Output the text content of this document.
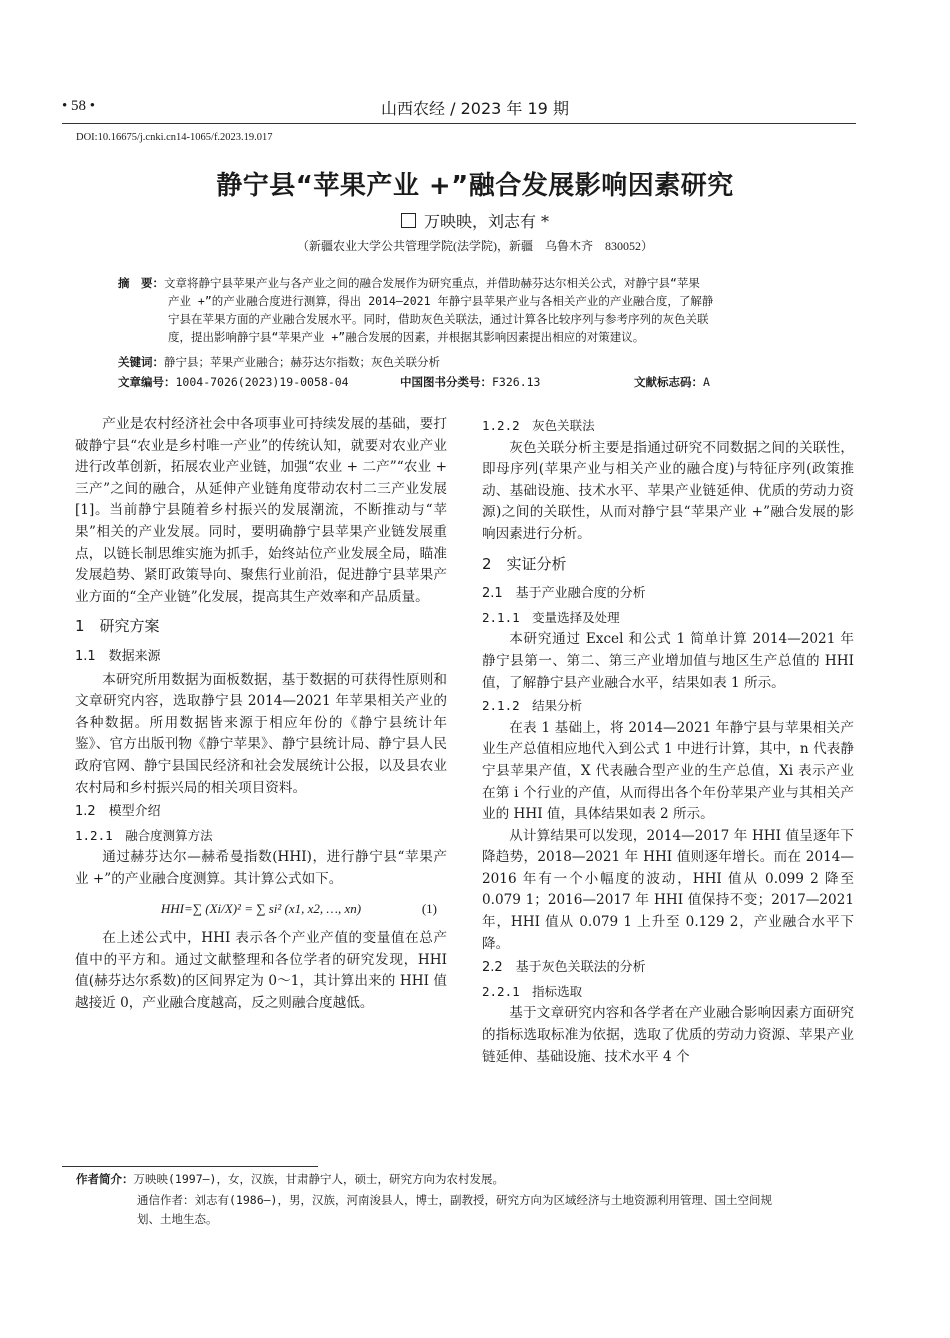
• 58 •	山西农经 / 2023 年 19 期
DOI:10.16675/j.cnki.cn14-1065/f.2023.19.017
静宁县“苹果产业 +”融合发展影响因素研究
万映映，刘志有 *
（新疆农业大学公共管理学院(法学院)，新疆　乌鲁木齐　830052）
摘　要：文章将静宁县苹果产业与各产业之间的融合发展作为研究重点，并借助赫芬达尔相关公式，对静宁县“苹果
产业 +”的产业融合度进行测算，得出 2014—2021 年静宁县苹果产业与各相关产业的产业融合度，了解静
宁县在苹果方面的产业融合发展水平。同时，借助灰色关联法，通过计算各比较序列与参考序列的灰色关联
度，提出影响静宁县“苹果产业 +”融合发展的因素，并根据其影响因素提出相应的对策建议。
关键词：静宁县；苹果产业融合；赫芬达尔指数；灰色关联分析
文章编号：1004-7026(2023)19-0058-04	中国图书分类号：F326.13	文献标志码：A

产业是农村经济社会中各项事业可持续发展的基础，要打破静宁县“农业是乡村唯一产业”的传统认知，就要对农业产业进行改革创新，拓展农业产业链，加强“农业 + 二产”“农业 + 三产”之间的融合，从延伸产业链角度带动农村二三产业发展[1]。当前静宁县随着乡村振兴的发展潮流，不断推动与“苹果”相关的产业发展。同时，要明确静宁县苹果产业链发展重点，以链长制思维实施为抓手，始终站位产业发展全局，瞄准发展趋势、紧盯政策导向、聚焦行业前沿，促进静宁县苹果产业方面的“全产业链”化发展，提高其生产效率和产品质量。

1　研究方案
1.1　数据来源

本研究所用数据为面板数据，基于数据的可获得性原则和文章研究内容，选取静宁县 2014—2021 年苹果相关产业的各种数据。所用数据皆来源于相应年份的《静宁县统计年鉴》、官方出版刊物《静宁苹果》、静宁县统计局、静宁县人民政府官网、静宁县国民经济和社会发展统计公报，以及县农业农村局和乡村振兴局的相关项目资料。

1.2　模型介绍
1.2.1　融合度测算方法

通过赫芬达尔—赫希曼指数(HHI)，进行静宁县“苹果产业 +”的产业融合度测算。其计算公式如下。

HHI=∑ (Xi/X)² = ∑ si² (x1, x2, …, xn)	(1)

在上述公式中，HHI 表示各个产业产值的变量值在总产值中的平方和。通过文献整理和各位学者的研究发现，HHI 值(赫芬达尔系数)的区间界定为 0～1，其计算出来的 HHI 值越接近 0，产业融合度越高，反之则融合度越低。

1.2.2　灰色关联法

灰色关联分析主要是指通过研究不同数据之间的关联性，即母序列(苹果产业与相关产业的融合度)与特征序列(政策推动、基础设施、技术水平、苹果产业链延伸、优质的劳动力资源)之间的关联性，从而对静宁县“苹果产业 +”融合发展的影响因素进行分析。

2　实证分析
2.1　基于产业融合度的分析
2.1.1　变量选择及处理

本研究通过 Excel 和公式 1 简单计算 2014—2021 年静宁县第一、第二、第三产业增加值与地区生产总值的 HHI 值，了解静宁县产业融合水平，结果如表 1 所示。

2.1.2　结果分析

在表 1 基础上，将 2014—2021 年静宁县与苹果相关产业生产总值相应地代入到公式 1 中进行计算，其中，n 代表静宁县苹果产值，X 代表融合型产业的生产总值，Xi 表示产业在第 i 个行业的产值，从而得出各个年份苹果产业与其相关产业的 HHI 值，具体结果如表 2 所示。

从计算结果可以发现，2014—2017 年 HHI 值呈逐年下降趋势，2018—2021 年 HHI 值则逐年增长。而在 2014—2016 年有一个小幅度的波动，HHI 值从 0.099 2 降至 0.079 1；2016—2017 年 HHI 值保持不变；2017—2021 年，HHI 值从 0.079 1 上升至 0.129 2，产业融合水平下降。

2.2　基于灰色关联法的分析
2.2.1　指标选取

基于文章研究内容和各学者在产业融合影响因素方面研究的指标选取标准为依据，选取了优质的劳动力资源、苹果产业链延伸、基础设施、技术水平 4 个

作者简介：万映映(1997—)，女，汉族，甘肃静宁人，硕士，研究方向为农村发展。
通信作者：刘志有(1986—)，男，汉族，河南浚县人，博士，副教授，研究方向为区域经济与土地资源利用管理、国土空间规
划、土地生态。
